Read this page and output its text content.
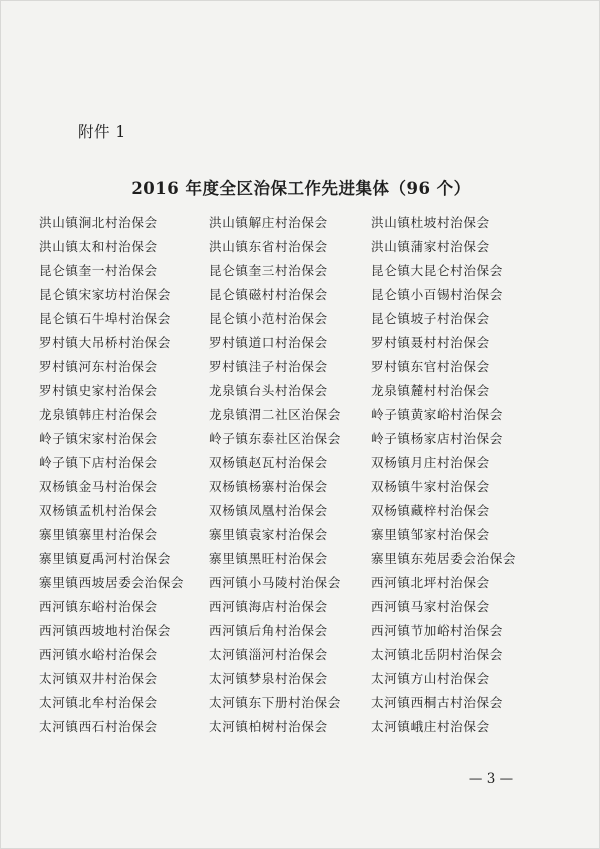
附件 1
2016 年度全区治保工作先进集体（96 个）
洪山镇涧北村治保会
洪山镇太和村治保会
昆仑镇奎一村治保会
昆仑镇宋家坊村治保会
昆仑镇石牛埠村治保会
罗村镇大吊桥村治保会
罗村镇河东村治保会
罗村镇史家村治保会
龙泉镇韩庄村治保会
岭子镇宋家村治保会
岭子镇下店村治保会
双杨镇金马村治保会
双杨镇孟机村治保会
寨里镇寨里村治保会
寨里镇夏禹河村治保会
寨里镇西坡居委会治保会
西河镇东峪村治保会
西河镇西坡地村治保会
西河镇水峪村治保会
太河镇双井村治保会
太河镇北牟村治保会
太河镇西石村治保会
洪山镇解庄村治保会
洪山镇东省村治保会
昆仑镇奎三村治保会
昆仑镇磁村村治保会
昆仑镇小范村治保会
罗村镇道口村治保会
罗村镇洼子村治保会
龙泉镇台头村治保会
龙泉镇渭二社区治保会
岭子镇东泰社区治保会
双杨镇赵瓦村治保会
双杨镇杨寨村治保会
双杨镇凤凰村治保会
寨里镇袁家村治保会
寨里镇黑旺村治保会
西河镇小马陵村治保会
西河镇海店村治保会
西河镇后角村治保会
太河镇淄河村治保会
太河镇梦泉村治保会
太河镇东下册村治保会
太河镇柏树村治保会
洪山镇杜坡村治保会
洪山镇蒲家村治保会
昆仑镇大昆仑村治保会
昆仑镇小百锡村治保会
昆仑镇坡子村治保会
罗村镇聂村村治保会
罗村镇东官村治保会
龙泉镇麓村村治保会
岭子镇黄家峪村治保会
岭子镇杨家店村治保会
双杨镇月庄村治保会
双杨镇牛家村治保会
双杨镇藏梓村治保会
寨里镇邹家村治保会
寨里镇东苑居委会治保会
西河镇北坪村治保会
西河镇马家村治保会
西河镇节加峪村治保会
太河镇北岳阴村治保会
太河镇方山村治保会
太河镇西桐古村治保会
太河镇峨庄村治保会
— 3 —
